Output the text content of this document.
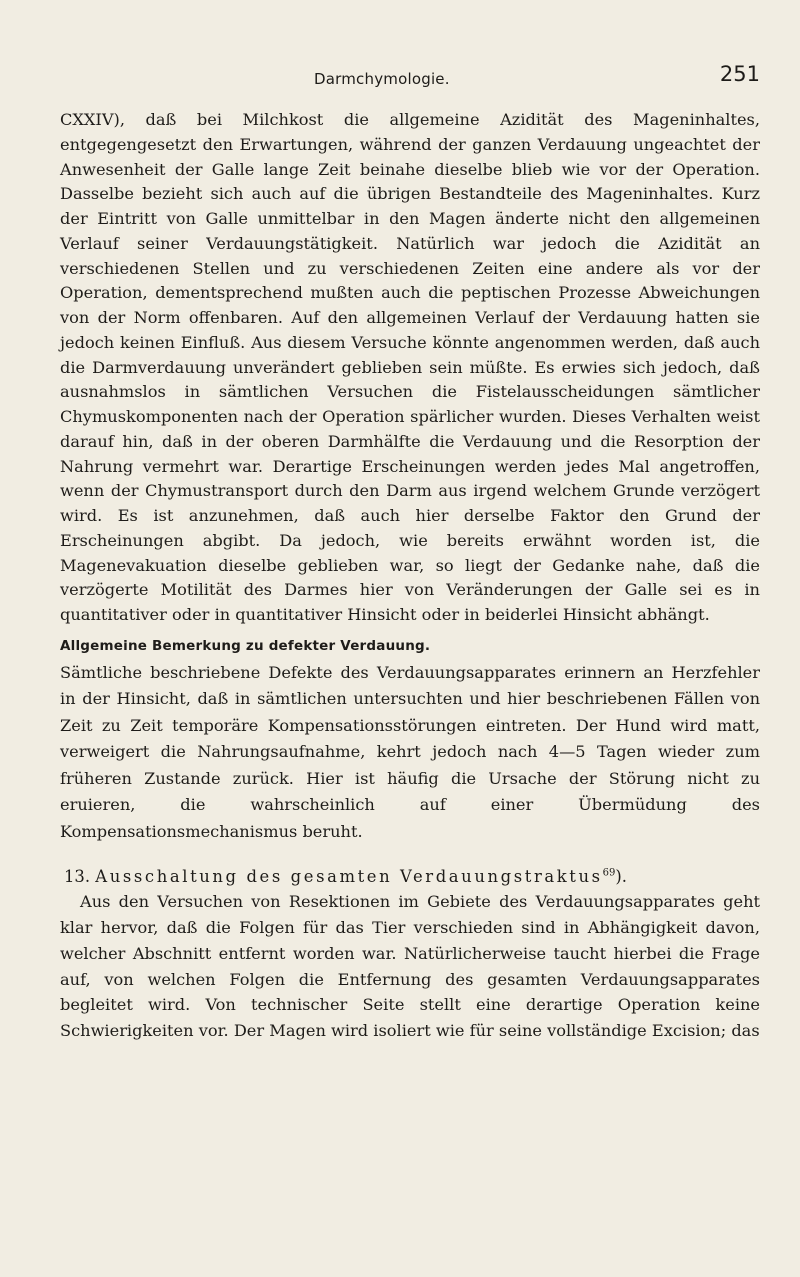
Darmchymologie.	251

CXXIV), daß bei Milchkost die allgemeine Azidität des Mageninhaltes, entgegengesetzt den Erwartungen, während der ganzen Verdauung ungeachtet der Anwesenheit der Galle lange Zeit beinahe dieselbe blieb wie vor der Operation. Dasselbe bezieht sich auch auf die übrigen Bestandteile des Mageninhaltes. Kurz der Eintritt von Galle unmittelbar in den Magen änderte nicht den allgemeinen Verlauf seiner Verdauungstätigkeit. Natürlich war jedoch die Azidität an verschiedenen Stellen und zu verschiedenen Zeiten eine andere als vor der Operation, dementsprechend mußten auch die peptischen Prozesse Abweichungen von der Norm offenbaren. Auf den allgemeinen Verlauf der Verdauung hatten sie jedoch keinen Einfluß. Aus diesem Versuche könnte angenommen werden, daß auch die Darmverdauung unverändert geblieben sein müßte. Es erwies sich jedoch, daß ausnahmslos in sämtlichen Versuchen die Fistelausscheidungen sämtlicher Chymuskomponenten nach der Operation spärlicher wurden. Dieses Verhalten weist darauf hin, daß in der oberen Darmhälfte die Verdauung und die Resorption der Nahrung vermehrt war. Derartige Erscheinungen werden jedes Mal angetroffen, wenn der Chymustransport durch den Darm aus irgend welchem Grunde verzögert wird. Es ist anzunehmen, daß auch hier derselbe Faktor den Grund der Erscheinungen abgibt. Da jedoch, wie bereits erwähnt worden ist, die Magenevakuation dieselbe geblieben war, so liegt der Gedanke nahe, daß die verzögerte Motilität des Darmes hier von Veränderungen der Galle sei es in quantitativer oder in quantitativer Hinsicht oder in beiderlei Hinsicht abhängt.

Allgemeine Bemerkung zu defekter Verdauung.

Sämtliche beschriebene Defekte des Verdauungsapparates erinnern an Herzfehler in der Hinsicht, daß in sämtlichen untersuchten und hier beschriebenen Fällen von Zeit zu Zeit temporäre Kompensationsstörungen eintreten. Der Hund wird matt, verweigert die Nahrungsaufnahme, kehrt jedoch nach 4—5 Tagen wieder zum früheren Zustande zurück. Hier ist häufig die Ursache der Störung nicht zu eruieren, die wahrscheinlich auf einer Übermüdung des Kompensationsmechanismus beruht.

13. Ausschaltung des gesamten Verdauungstraktus$^{69}$).

Aus den Versuchen von Resektionen im Gebiete des Verdauungsapparates geht klar hervor, daß die Folgen für das Tier verschieden sind in Abhängigkeit davon, welcher Abschnitt entfernt worden war. Natürlicherweise taucht hierbei die Frage auf, von welchen Folgen die Entfernung des gesamten Verdauungsapparates begleitet wird. Von technischer Seite stellt eine derartige Operation keine Schwierigkeiten vor. Der Magen wird isoliert wie für seine vollständige Excision; das
